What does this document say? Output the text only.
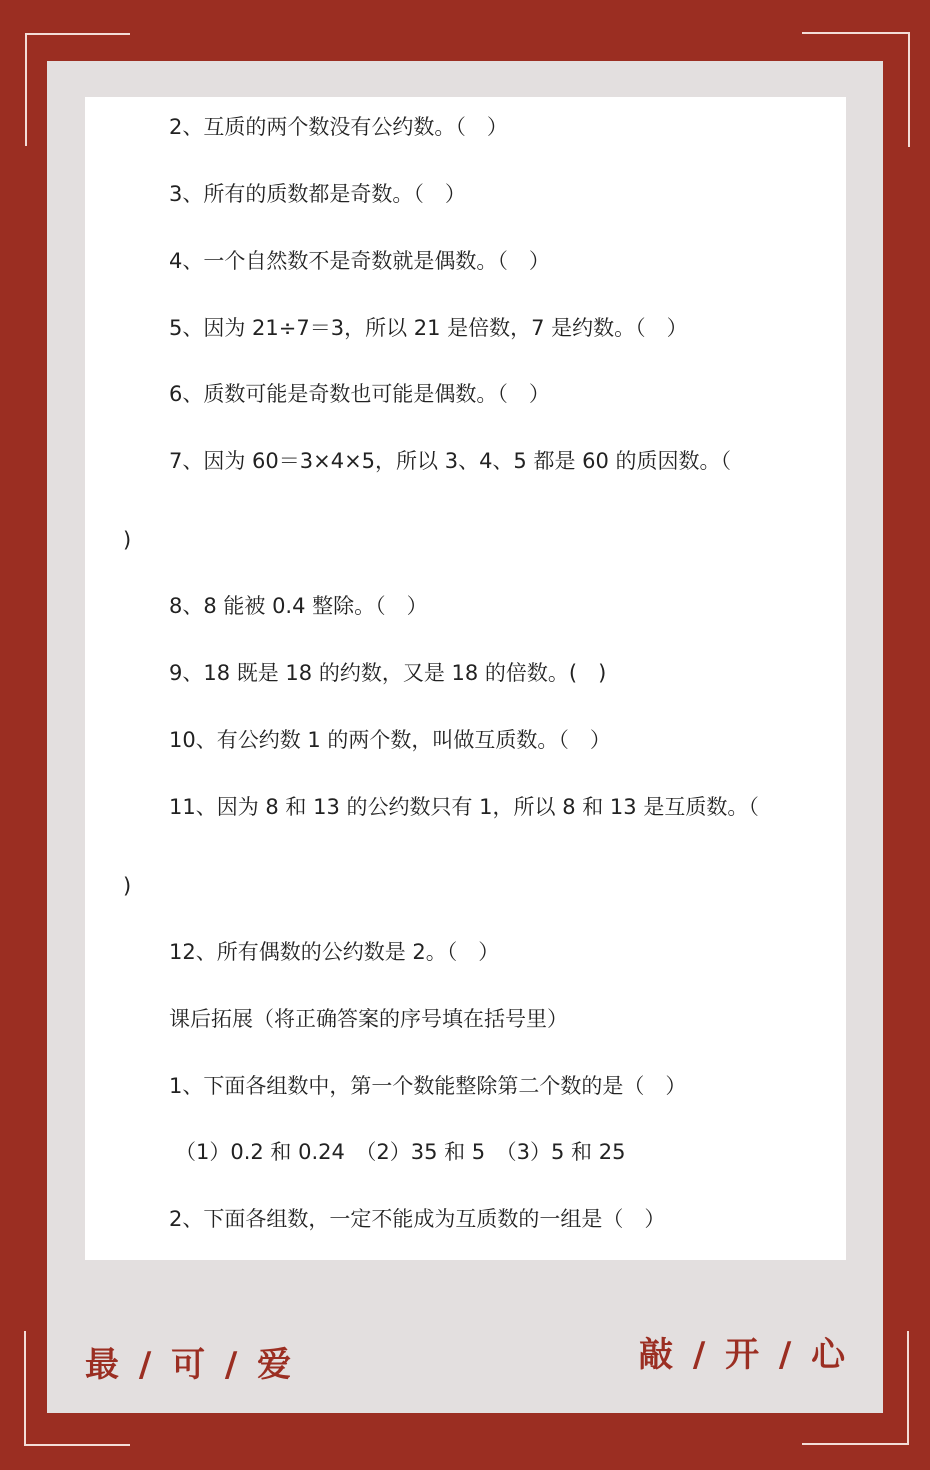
最 / 可 / 爱	敲 / 开 / 心
2、互质的两个数没有公约数。（　）
3、所有的质数都是奇数。（　）
4、一个自然数不是奇数就是偶数。（　）
5、因为 21÷7＝3，所以 21 是倍数，7 是约数。（　）
6、质数可能是奇数也可能是偶数。（　）
7、因为 60＝3×4×5，所以 3、4、5 都是 60 的质因数。（
)
8、8 能被 0.4 整除。（　）
9、18 既是 18 的约数，又是 18 的倍数。(　)
10、有公约数 1 的两个数，叫做互质数。（　）
11、因为 8 和 13 的公约数只有 1，所以 8 和 13 是互质数。（
)
12、所有偶数的公约数是 2。（　）
课后拓展（将正确答案的序号填在括号里）
1、下面各组数中，第一个数能整除第二个数的是（　）
（1）0.2 和 0.24　（2）35 和 5　（3）5 和 25
2、下面各组数，一定不能成为互质数的一组是（　）
